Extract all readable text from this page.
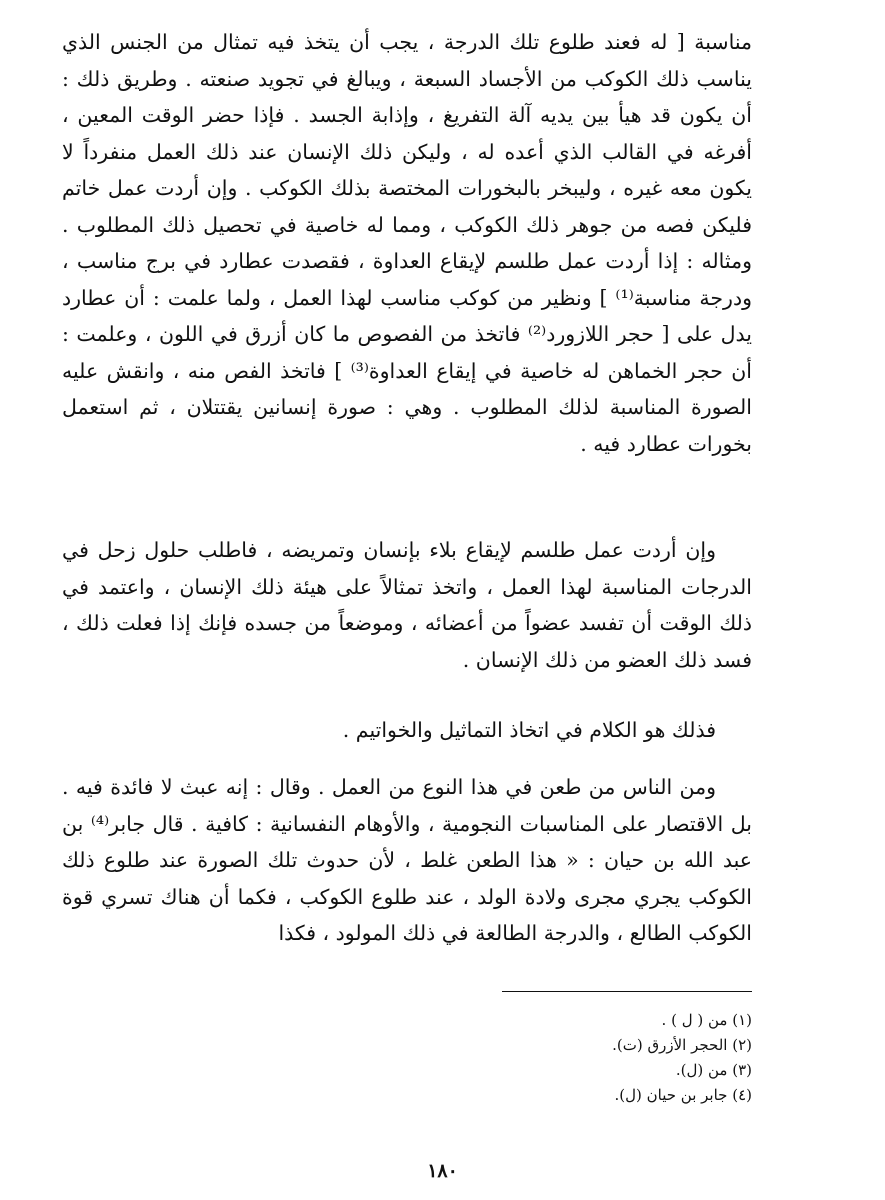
مناسبة [ له فعند طلوع تلك الدرجة ، يجب أن يتخذ فيه تمثال من الجنس الذي يناسب ذلك الكوكب من الأجساد السبعة ، ويبالغ في تجويد صنعته . وطريق ذلك : أن يكون قد هيأ بين يديه آلة التفريغ ، وإذابة الجسد . فإذا حضر الوقت المعين ، أفرغه في القالب الذي أعده له ، وليكن ذلك الإنسان عند ذلك العمل منفرداً لا يكون معه غيره ، وليبخر بالبخورات المختصة بذلك الكوكب . وإن أردت عمل خاتم فليكن فصه من جوهر ذلك الكوكب ، ومما له خاصية في تحصيل ذلك المطلوب . ومثاله : إذا أردت عمل طلسم لإيقاع العداوة ، فقصدت عطارد في برج مناسب ، ودرجة مناسبة⁽¹⁾ ] ونظير من كوكب مناسب لهذا العمل ، ولما علمت : أن عطارد يدل على [ حجر اللازورد⁽²⁾ فاتخذ من الفصوص ما كان أزرق في اللون ، وعلمت : أن حجر الخماهن له خاصية في إيقاع العداوة⁽³⁾ ] فاتخذ الفص منه ، وانقش عليه الصورة المناسبة لذلك المطلوب . وهي : صورة إنسانين يقتتلان ، ثم استعمل بخورات عطارد فيه .

وإن أردت عمل طلسم لإيقاع بلاء بإنسان وتمريضه ، فاطلب حلول زحل في الدرجات المناسبة لهذا العمل ، واتخذ تمثالاً على هيئة ذلك الإنسان ، واعتمد في ذلك الوقت أن تفسد عضواً من أعضائه ، وموضعاً من جسده فإنك إذا فعلت ذلك ، فسد ذلك العضو من ذلك الإنسان .

فذلك هو الكلام في اتخاذ التماثيل والخواتيم .

ومن الناس من طعن في هذا النوع من العمل . وقال : إنه عبث لا فائدة فيه . بل الاقتصار على المناسبات النجومية ، والأوهام النفسانية : كافية . قال جابر⁽⁴⁾ بن عبد الله بن حيان : « هذا الطعن غلط ، لأن حدوث تلك الصورة عند طلوع ذلك الكوكب يجري مجرى ولادة الولد ، عند طلوع الكوكب ، فكما أن هناك تسري قوة الكوكب الطالع ، والدرجة الطالعة في ذلك المولود ، فكذا

(١) من ( ل ) .
(٢) الحجر الأزرق (ت).
(٣) من (ل).
(٤) جابر بن حيان (ل).
١٨٠
